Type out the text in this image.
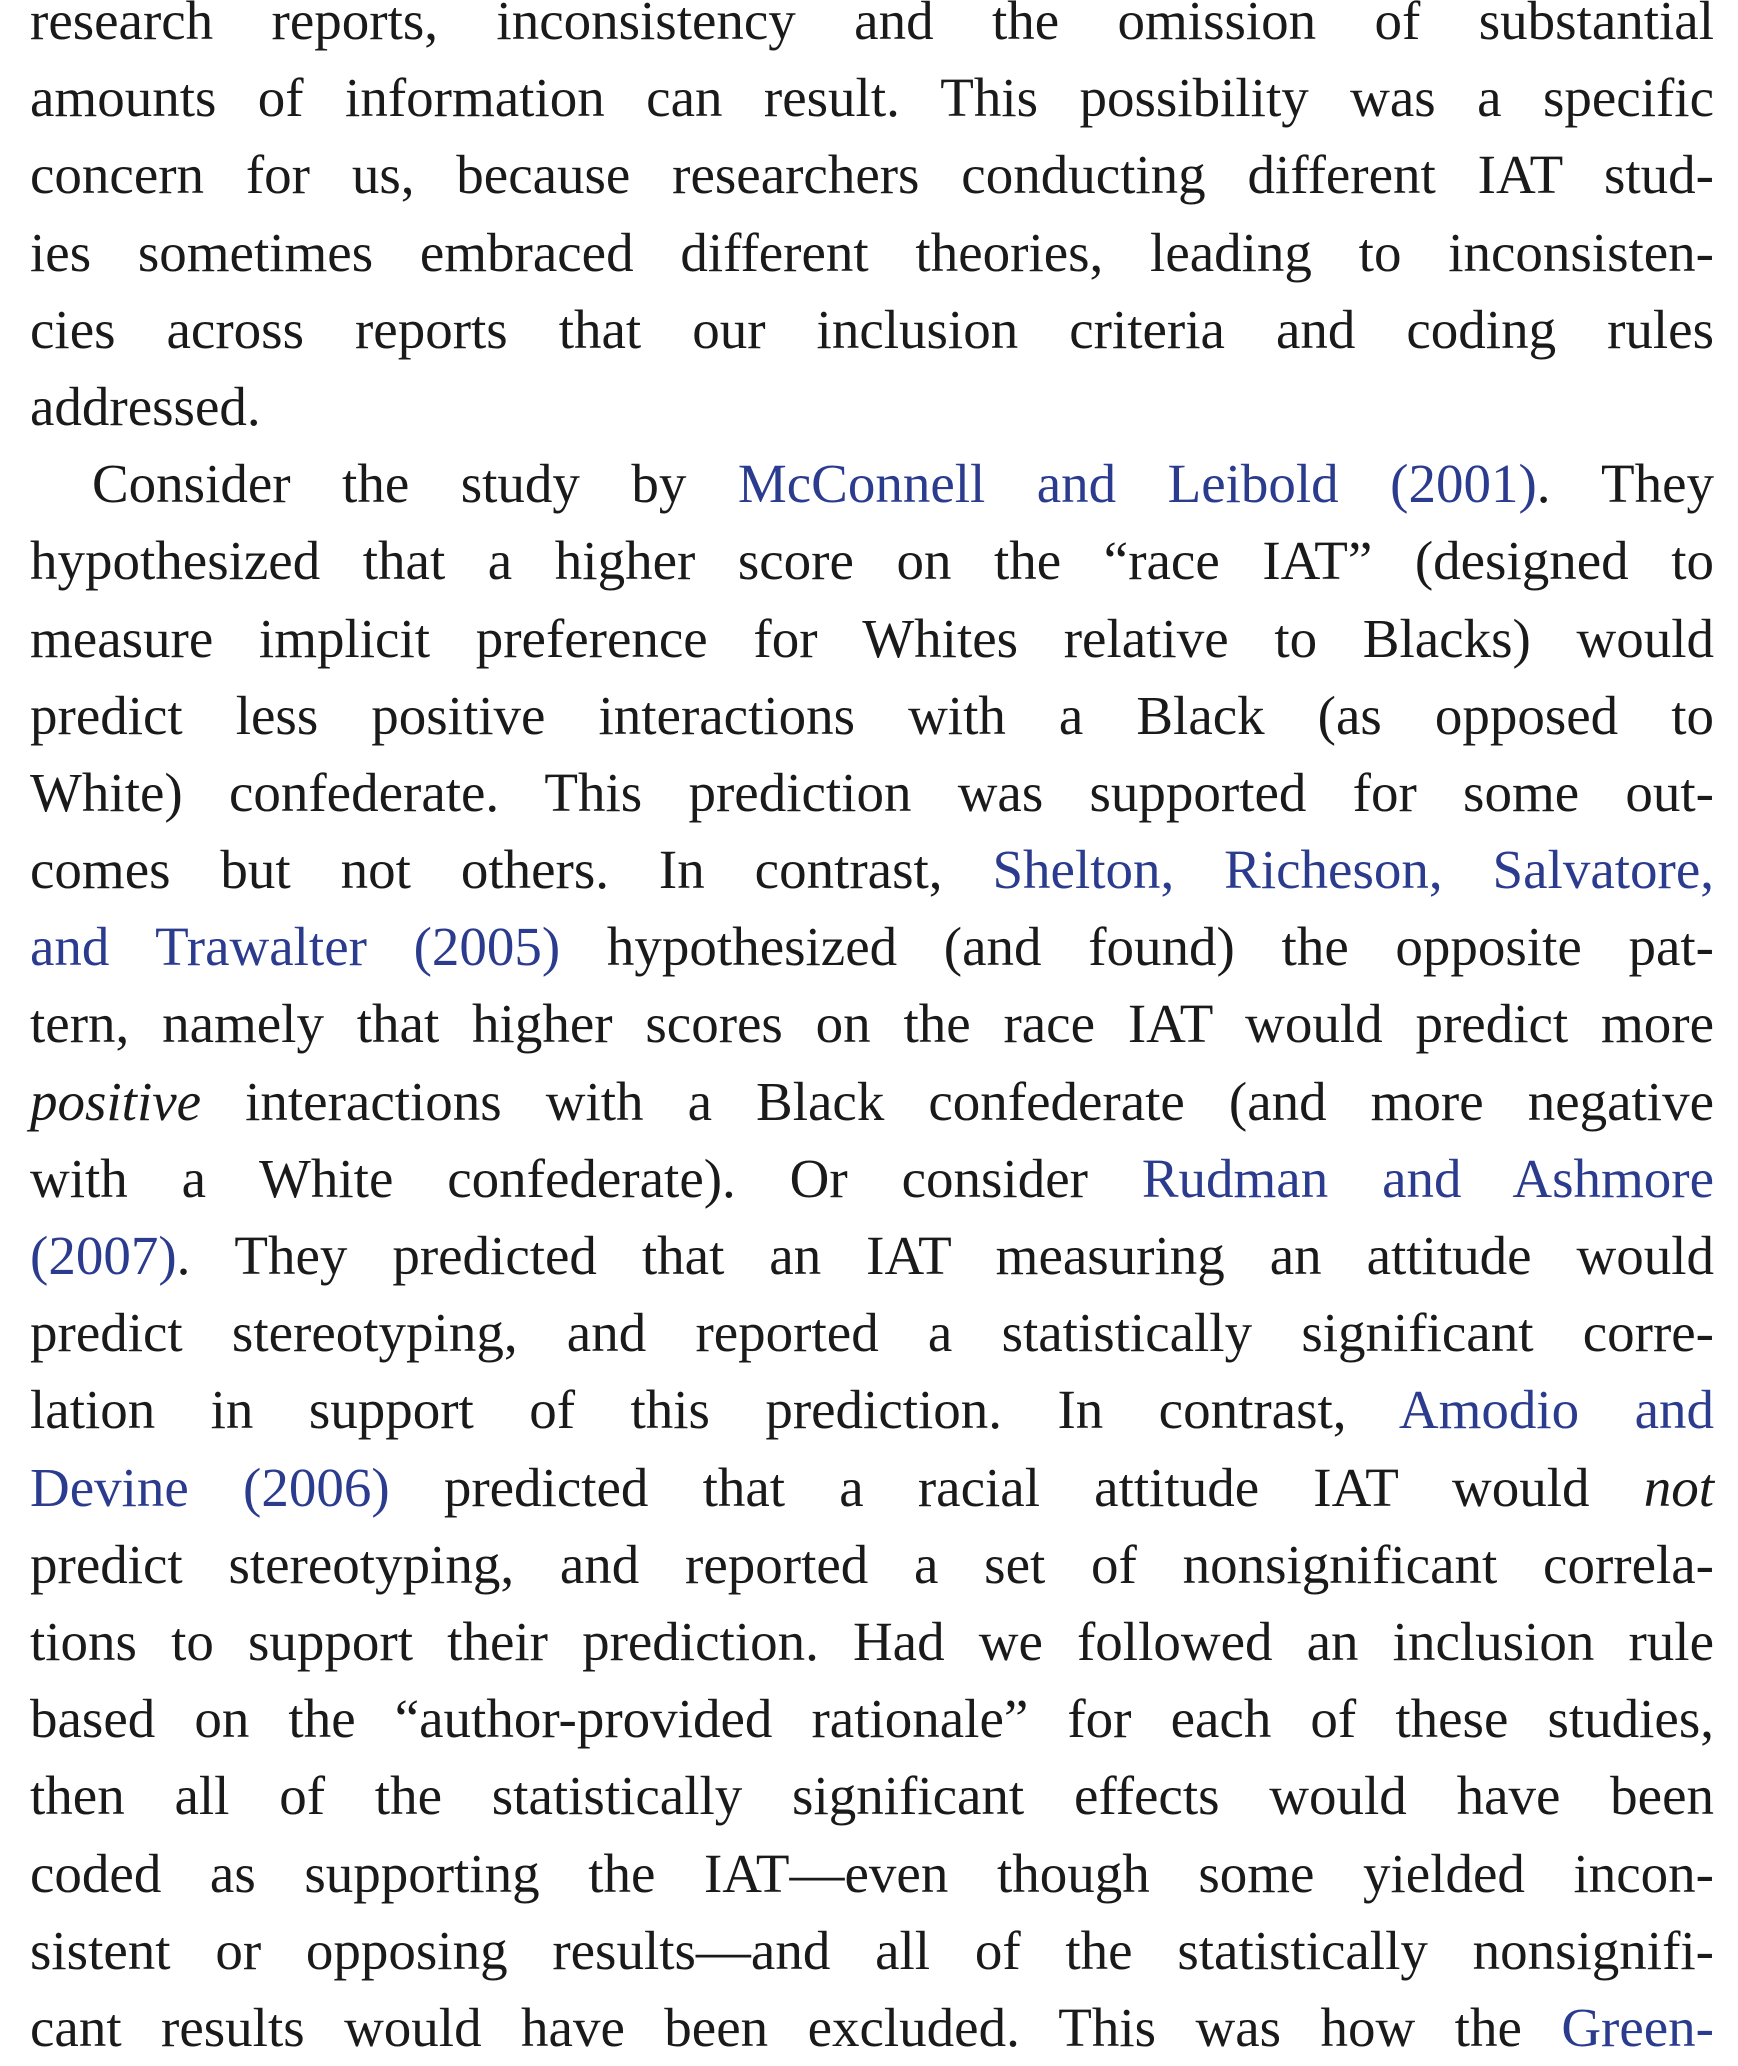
research reports, inconsistency and the omission of substantial
amounts of information can result. This possibility was a specific
concern for us, because researchers conducting different IAT stud-
ies sometimes embraced different theories, leading to inconsisten-
cies across reports that our inclusion criteria and coding rules
addressed.
Consider the study by McConnell and Leibold (2001). They
hypothesized that a higher score on the “race IAT” (designed to
measure implicit preference for Whites relative to Blacks) would
predict less positive interactions with a Black (as opposed to
White) confederate. This prediction was supported for some out-
comes but not others. In contrast, Shelton, Richeson, Salvatore,
and Trawalter (2005) hypothesized (and found) the opposite pat-
tern, namely that higher scores on the race IAT would predict more
positive interactions with a Black confederate (and more negative
with a White confederate). Or consider Rudman and Ashmore
(2007). They predicted that an IAT measuring an attitude would
predict stereotyping, and reported a statistically significant corre-
lation in support of this prediction. In contrast, Amodio and
Devine (2006) predicted that a racial attitude IAT would not
predict stereotyping, and reported a set of nonsignificant correla-
tions to support their prediction. Had we followed an inclusion rule
based on the “author-provided rationale” for each of these studies,
then all of the statistically significant effects would have been
coded as supporting the IAT—even though some yielded incon-
sistent or opposing results—and all of the statistically nonsignifi-
cant results would have been excluded. This was how the Green-
